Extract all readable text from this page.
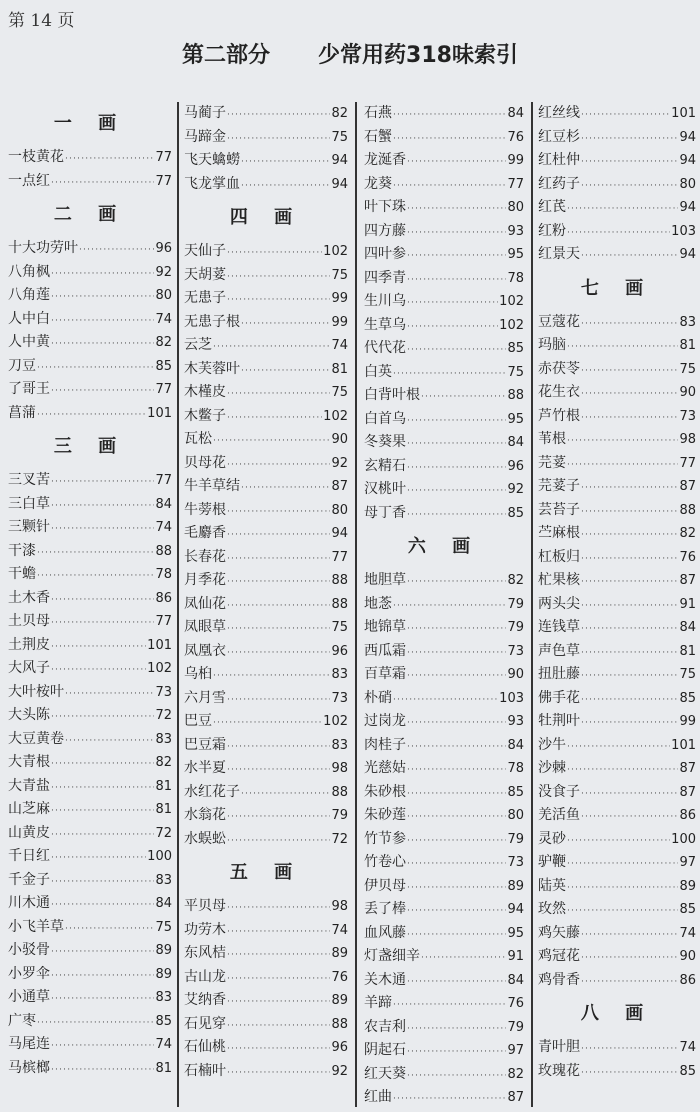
第 14 页
第二部分 少常用药318味索引
一 画
一枝黄花 ·····	77
一点红 ·····	77
二 画
十大功劳叶 ·····	96
八角枫 ·····	92
八角莲 ·····	80
人中白 ·····	74
人中黄 ·····	82
刀豆 ·····	85
了哥王 ·····	77
菖蒲 ·····	101
三 画
三叉苦 ·····	77
三白草 ·····	84
三颗针 ·····	74
干漆 ·····	88
干蟾 ·····	78
土木香 ·····	86
土贝母 ·····	77
土荆皮 ·····	101
大风子 ·····	102
大叶桉叶 ·····	73
大头陈 ·····	72
大豆黄卷 ·····	83
大青根 ·····	82
大青盐 ·····	81
山芝麻 ·····	81
山黄皮 ·····	72
千日红 ·····	100
千金子 ·····	83
川木通 ·····	84
小飞羊草 ·····	75
小驳骨 ·····	89
小罗伞 ·····	89
小通草 ·····	83
广枣 ·····	85
马尾连 ·····	74
马槟榔 ·····	81
马蔺子 ·····	82
马蹄金 ·····	75
飞天蠄蟧 ·····	94
飞龙掌血 ·····	94
四 画
天仙子 ·····	102
天胡荽 ·····	75
无患子 ·····	99
无患子根 ·····	99
云芝 ·····	74
木芙蓉叶 ·····	81
木槿皮 ·····	75
木鳖子 ·····	102
瓦松 ·····	90
贝母花 ·····	92
牛羊草结 ·····	87
牛蒡根 ·····	80
毛麝香 ·····	94
长春花 ·····	77
月季花 ·····	88
凤仙花 ·····	88
凤眼草 ·····	75
凤凰衣 ·····	96
乌桕 ·····	83
六月雪 ·····	73
巴豆 ·····	102
巴豆霜 ·····	83
水半夏 ·····	98
水红花子 ·····	88
水翁花 ·····	79
水蜈蚣 ·····	72
五 画
平贝母 ·····	98
功劳木 ·····	74
东风桔 ·····	89
古山龙 ·····	76
艾纳香 ·····	89
石见穿 ·····	88
石仙桃 ·····	96
石楠叶 ·····	92
石燕 ·····	84
石蟹 ·····	76
龙涎香 ·····	99
龙葵 ·····	77
叶下珠 ·····	80
四方藤 ·····	93
四叶参 ·····	95
四季青 ·····	78
生川乌 ·····	102
生草乌 ·····	102
代代花 ·····	85
白英 ·····	75
白背叶根 ·····	88
白首乌 ·····	95
冬葵果 ·····	84
玄精石 ·····	96
汉桃叶 ·····	92
母丁香 ·····	85
六 画
地胆草 ·····	82
地菍 ·····	79
地锦草 ·····	79
西瓜霜 ·····	73
百草霜 ·····	90
朴硝 ·····	103
过岗龙 ·····	93
肉桂子 ·····	84
光慈姑 ·····	78
朱砂根 ·····	85
朱砂莲 ·····	80
竹节参 ·····	79
竹卷心 ·····	73
伊贝母 ·····	89
丢了棒 ·····	94
血风藤 ·····	95
灯盏细辛 ·····	91
关木通 ·····	84
羊蹄 ·····	76
农吉利 ·····	79
阴起石 ·····	97
红天葵 ·····	82
红曲 ·····	87
红丝线 ·····	101
红豆杉 ·····	94
红杜仲 ·····	94
红药子 ·····	80
红芪 ·····	94
红粉 ·····	103
红景天 ·····	94
七 画
豆蔻花 ·····	83
玛脑 ·····	81
赤茯苓 ·····	75
花生衣 ·····	90
芦竹根 ·····	73
苇根 ·····	98
芫荽 ·····	77
芫荽子 ·····	87
芸苔子 ·····	88
苎麻根 ·····	82
杠板归 ·····	76
杧果核 ·····	87
两头尖 ·····	91
连钱草 ·····	84
声色草 ·····	81
扭肚藤 ·····	75
佛手花 ·····	85
牡荆叶 ·····	99
沙牛 ·····	101
沙棘 ·····	87
没食子 ·····	87
羌活鱼 ·····	86
灵砂 ·····	100
驴鞭 ·····	97
陆英 ·····	89
玫然 ·····	85
鸡矢藤 ·····	74
鸡冠花 ·····	90
鸡骨香 ·····	86
八 画
青叶胆 ·····	74
玫瑰花 ·····	85
